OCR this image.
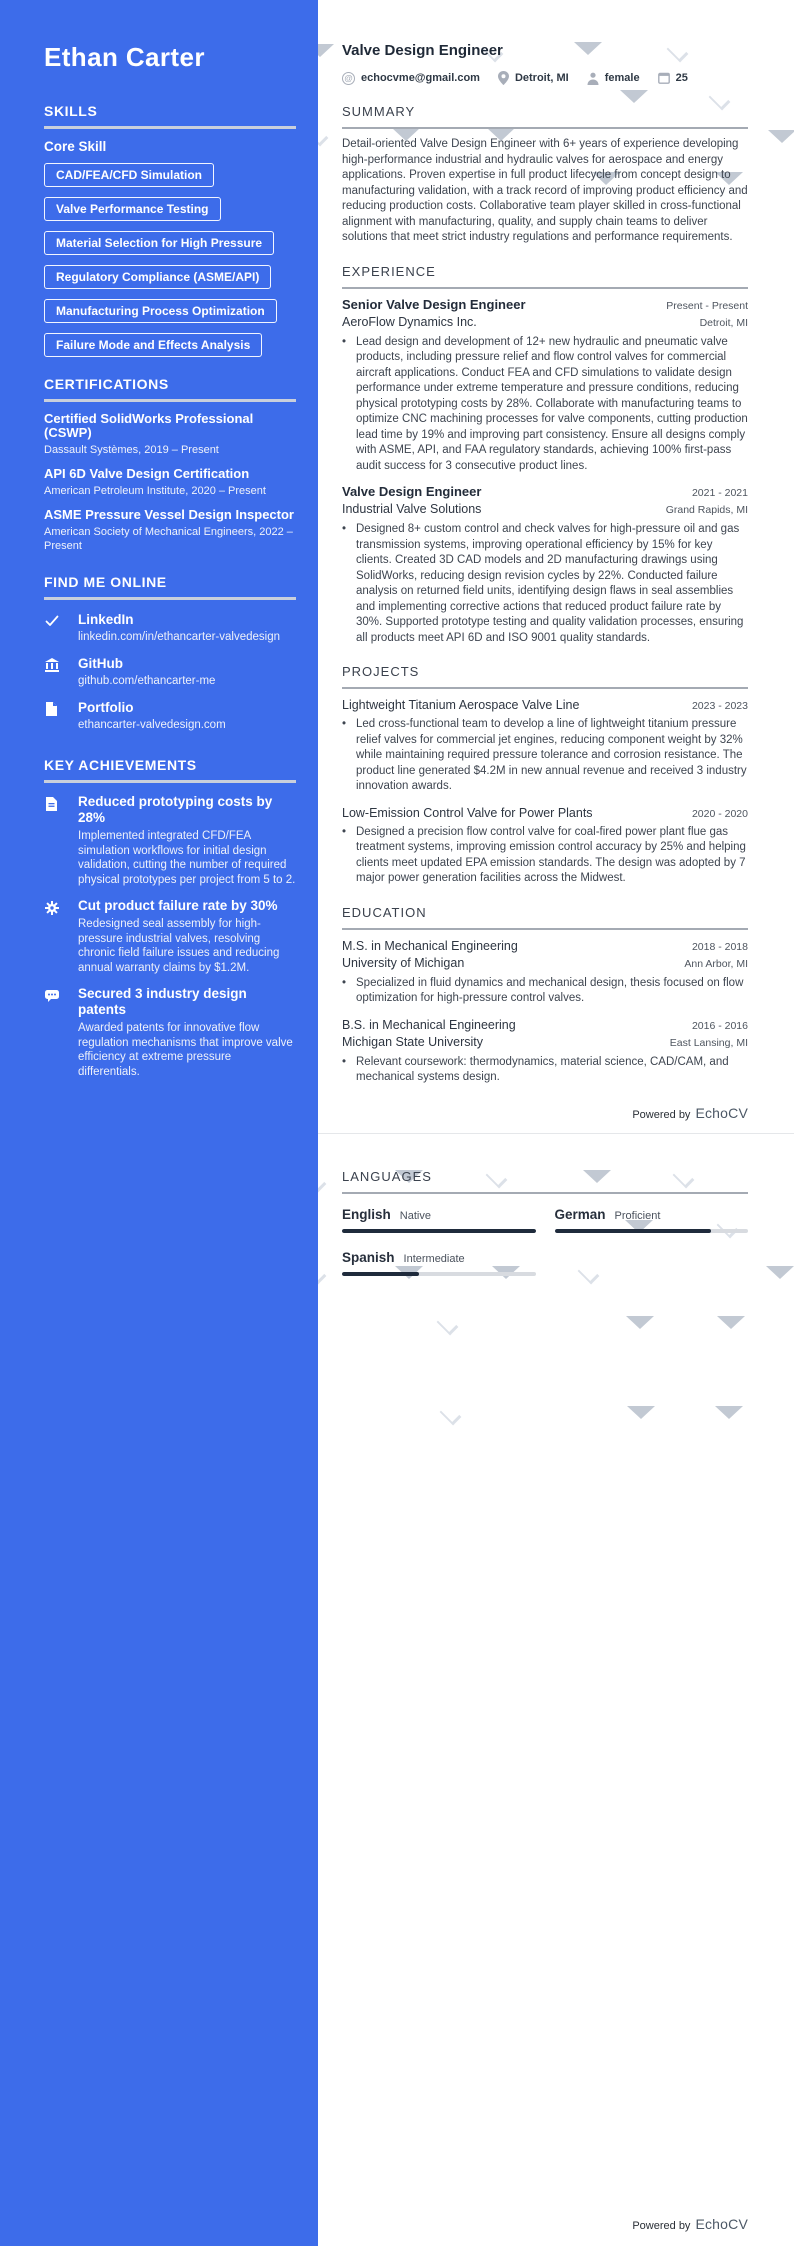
Ethan Carter
SKILLS
Core Skill
CAD/FEA/CFD Simulation
Valve Performance Testing
Material Selection for High Pressure
Regulatory Compliance (ASME/API)
Manufacturing Process Optimization
Failure Mode and Effects Analysis
CERTIFICATIONS
Certified SolidWorks Professional (CSWP)
Dassault Systèmes, 2019 – Present
API 6D Valve Design Certification
American Petroleum Institute, 2020 – Present
ASME Pressure Vessel Design Inspector
American Society of Mechanical Engineers, 2022 – Present
FIND ME ONLINE
LinkedIn
linkedin.com/in/ethancarter-valvedesign
GitHub
github.com/ethancarter-me
Portfolio
ethancarter-valvedesign.com
KEY ACHIEVEMENTS
Reduced prototyping costs by 28%
Implemented integrated CFD/FEA simulation workflows for initial design validation, cutting the number of required physical prototypes per project from 5 to 2.
Cut product failure rate by 30%
Redesigned seal assembly for high-pressure industrial valves, resolving chronic field failure issues and reducing annual warranty claims by $1.2M.
Secured 3 industry design patents
Awarded patents for innovative flow regulation mechanisms that improve valve efficiency at extreme pressure differentials.
Valve Design Engineer
@ echocvme@gmail.com	Detroit, MI	female	25
SUMMARY

Detail-oriented Valve Design Engineer with 6+ years of experience developing high-performance industrial and hydraulic valves for aerospace and energy applications. Proven expertise in full product lifecycle from concept design to manufacturing validation, with a track record of improving product efficiency and reducing production costs. Collaborative team player skilled in cross-functional alignment with manufacturing, quality, and supply chain teams to deliver solutions that meet strict industry regulations and performance requirements.

EXPERIENCE
Senior Valve Design Engineer	Present - Present
AeroFlow Dynamics Inc.	Detroit, MI
• Lead design and development of 12+ new hydraulic and pneumatic valve products, including pressure relief and flow control valves for commercial aircraft applications. Conduct FEA and CFD simulations to validate design performance under extreme temperature and pressure conditions, reducing physical prototyping costs by 28%. Collaborate with manufacturing teams to optimize CNC machining processes for valve components, cutting production lead time by 19% and improving part consistency. Ensure all designs comply with ASME, API, and FAA regulatory standards, achieving 100% first-pass audit success for 3 consecutive product lines.

Valve Design Engineer	2021 - 2021
Industrial Valve Solutions	Grand Rapids, MI
• Designed 8+ custom control and check valves for high-pressure oil and gas transmission systems, improving operational efficiency by 15% for key clients. Created 3D CAD models and 2D manufacturing drawings using SolidWorks, reducing design revision cycles by 22%. Conducted failure analysis on returned field units, identifying design flaws in seal assemblies and implementing corrective actions that reduced product failure rate by 30%. Supported prototype testing and quality validation processes, ensuring all products meet API 6D and ISO 9001 quality standards.

PROJECTS
Lightweight Titanium Aerospace Valve Line	2023 - 2023
• Led cross-functional team to develop a line of lightweight titanium pressure relief valves for commercial jet engines, reducing component weight by 32% while maintaining required pressure tolerance and corrosion resistance. The product line generated $4.2M in new annual revenue and received 3 industry innovation awards.

Low-Emission Control Valve for Power Plants	2020 - 2020
• Designed a precision flow control valve for coal-fired power plant flue gas treatment systems, improving emission control accuracy by 25% and helping clients meet updated EPA emission standards. The design was adopted by 7 major power generation facilities across the Midwest.

EDUCATION
M.S. in Mechanical Engineering	2018 - 2018
University of Michigan	Ann Arbor, MI
• Specialized in fluid dynamics and mechanical design, thesis focused on flow optimization for high-pressure control valves.

B.S. in Mechanical Engineering	2016 - 2016
Michigan State University	East Lansing, MI
• Relevant coursework: thermodynamics, material science, CAD/CAM, and mechanical systems design.

Powered by EchoCV
LANGUAGES
English Native	German Proficient
Spanish Intermediate
Powered by EchoCV
